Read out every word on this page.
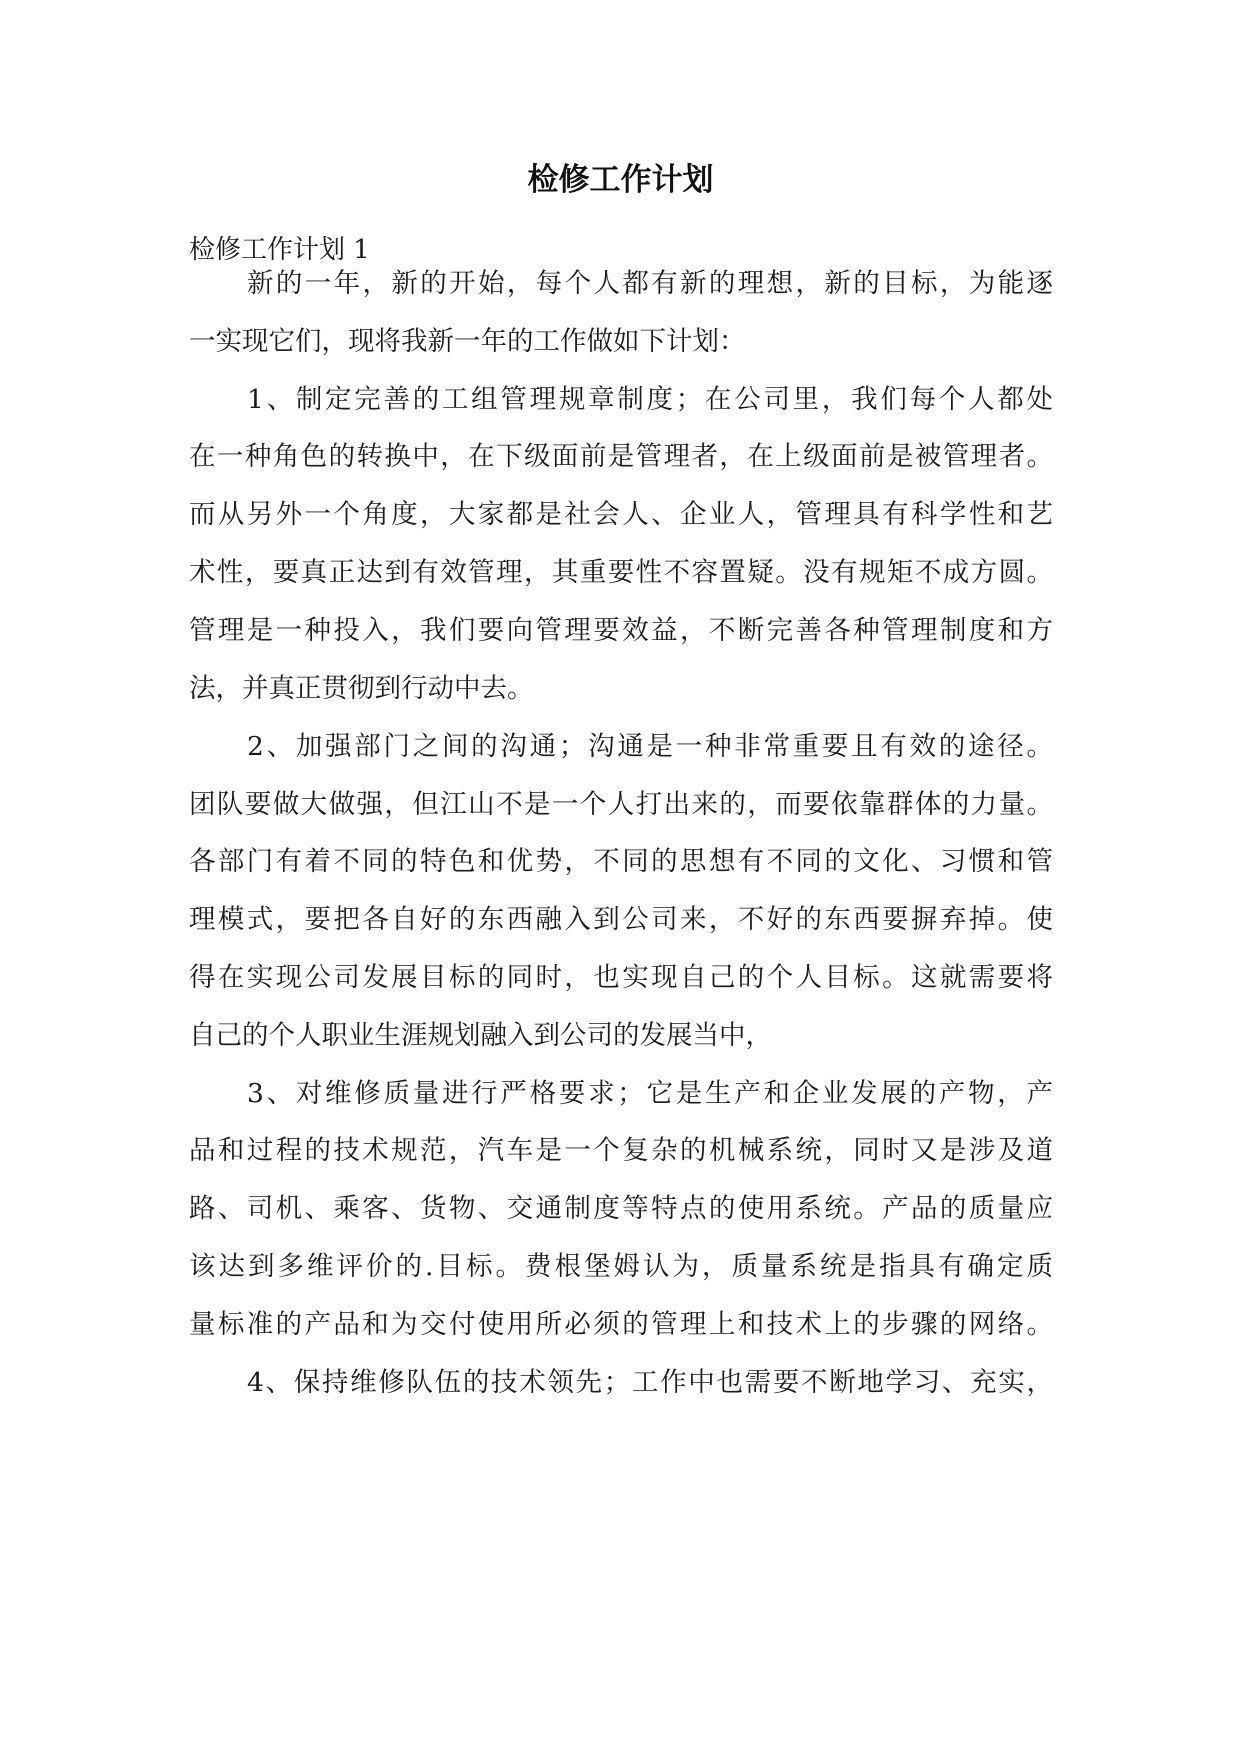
检修工作计划
检修工作计划 1
新的一年，新的开始，每个人都有新的理想，新的目标，为能逐
一实现它们，现将我新一年的工作做如下计划：
1、制定完善的工组管理规章制度；在公司里，我们每个人都处
在一种角色的转换中，在下级面前是管理者，在上级面前是被管理者。
而从另外一个角度，大家都是社会人、企业人，管理具有科学性和艺
术性，要真正达到有效管理，其重要性不容置疑。没有规矩不成方圆。
管理是一种投入，我们要向管理要效益，不断完善各种管理制度和方
法，并真正贯彻到行动中去。
2、加强部门之间的沟通；沟通是一种非常重要且有效的途径。
团队要做大做强，但江山不是一个人打出来的，而要依靠群体的力量。
各部门有着不同的特色和优势，不同的思想有不同的文化、习惯和管
理模式，要把各自好的东西融入到公司来，不好的东西要摒弃掉。使
得在实现公司发展目标的同时，也实现自己的个人目标。这就需要将
自己的个人职业生涯规划融入到公司的发展当中，
3、对维修质量进行严格要求；它是生产和企业发展的产物，产
品和过程的技术规范，汽车是一个复杂的机械系统，同时又是涉及道
路、司机、乘客、货物、交通制度等特点的使用系统。产品的质量应
该达到多维评价的.目标。费根堡姆认为，质量系统是指具有确定质
量标准的产品和为交付使用所必须的管理上和技术上的步骤的网络。
4、保持维修队伍的技术领先；工作中也需要不断地学习、充实，
